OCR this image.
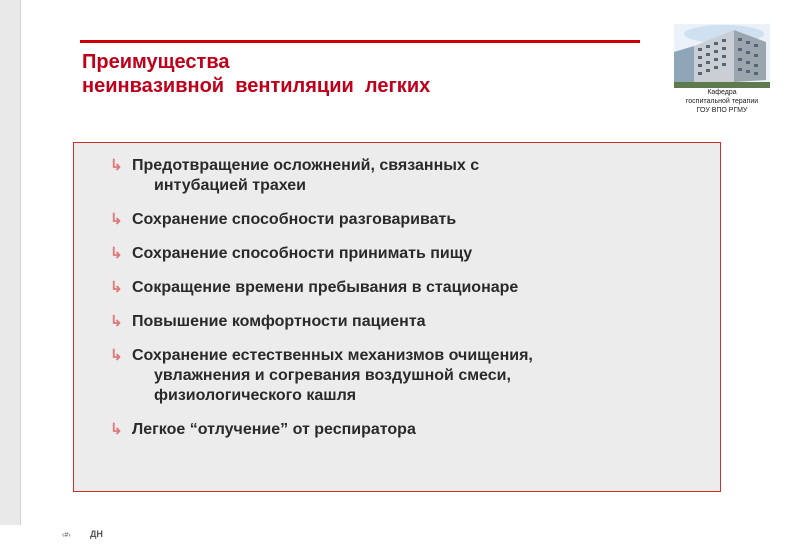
Преимущества
неинвазивной  вентиляции  легких	Кафедра
госпитальной терапии
ГОУ ВПО РГМУ
↳ Предотвращение осложнений, связанных с
интубацией трахеи
↳ Сохранение способности разговаривать
↳ Сохранение способности принимать пищу
↳ Сокращение времени пребывания в стационаре
↳ Повышение комфортности пациента
↳ Сохранение естественных механизмов очищения,
увлажнения и согревания воздушной смеси,
физиологического кашля
↳ Легкое “отлучение” от респиратора
‹#› ДН
